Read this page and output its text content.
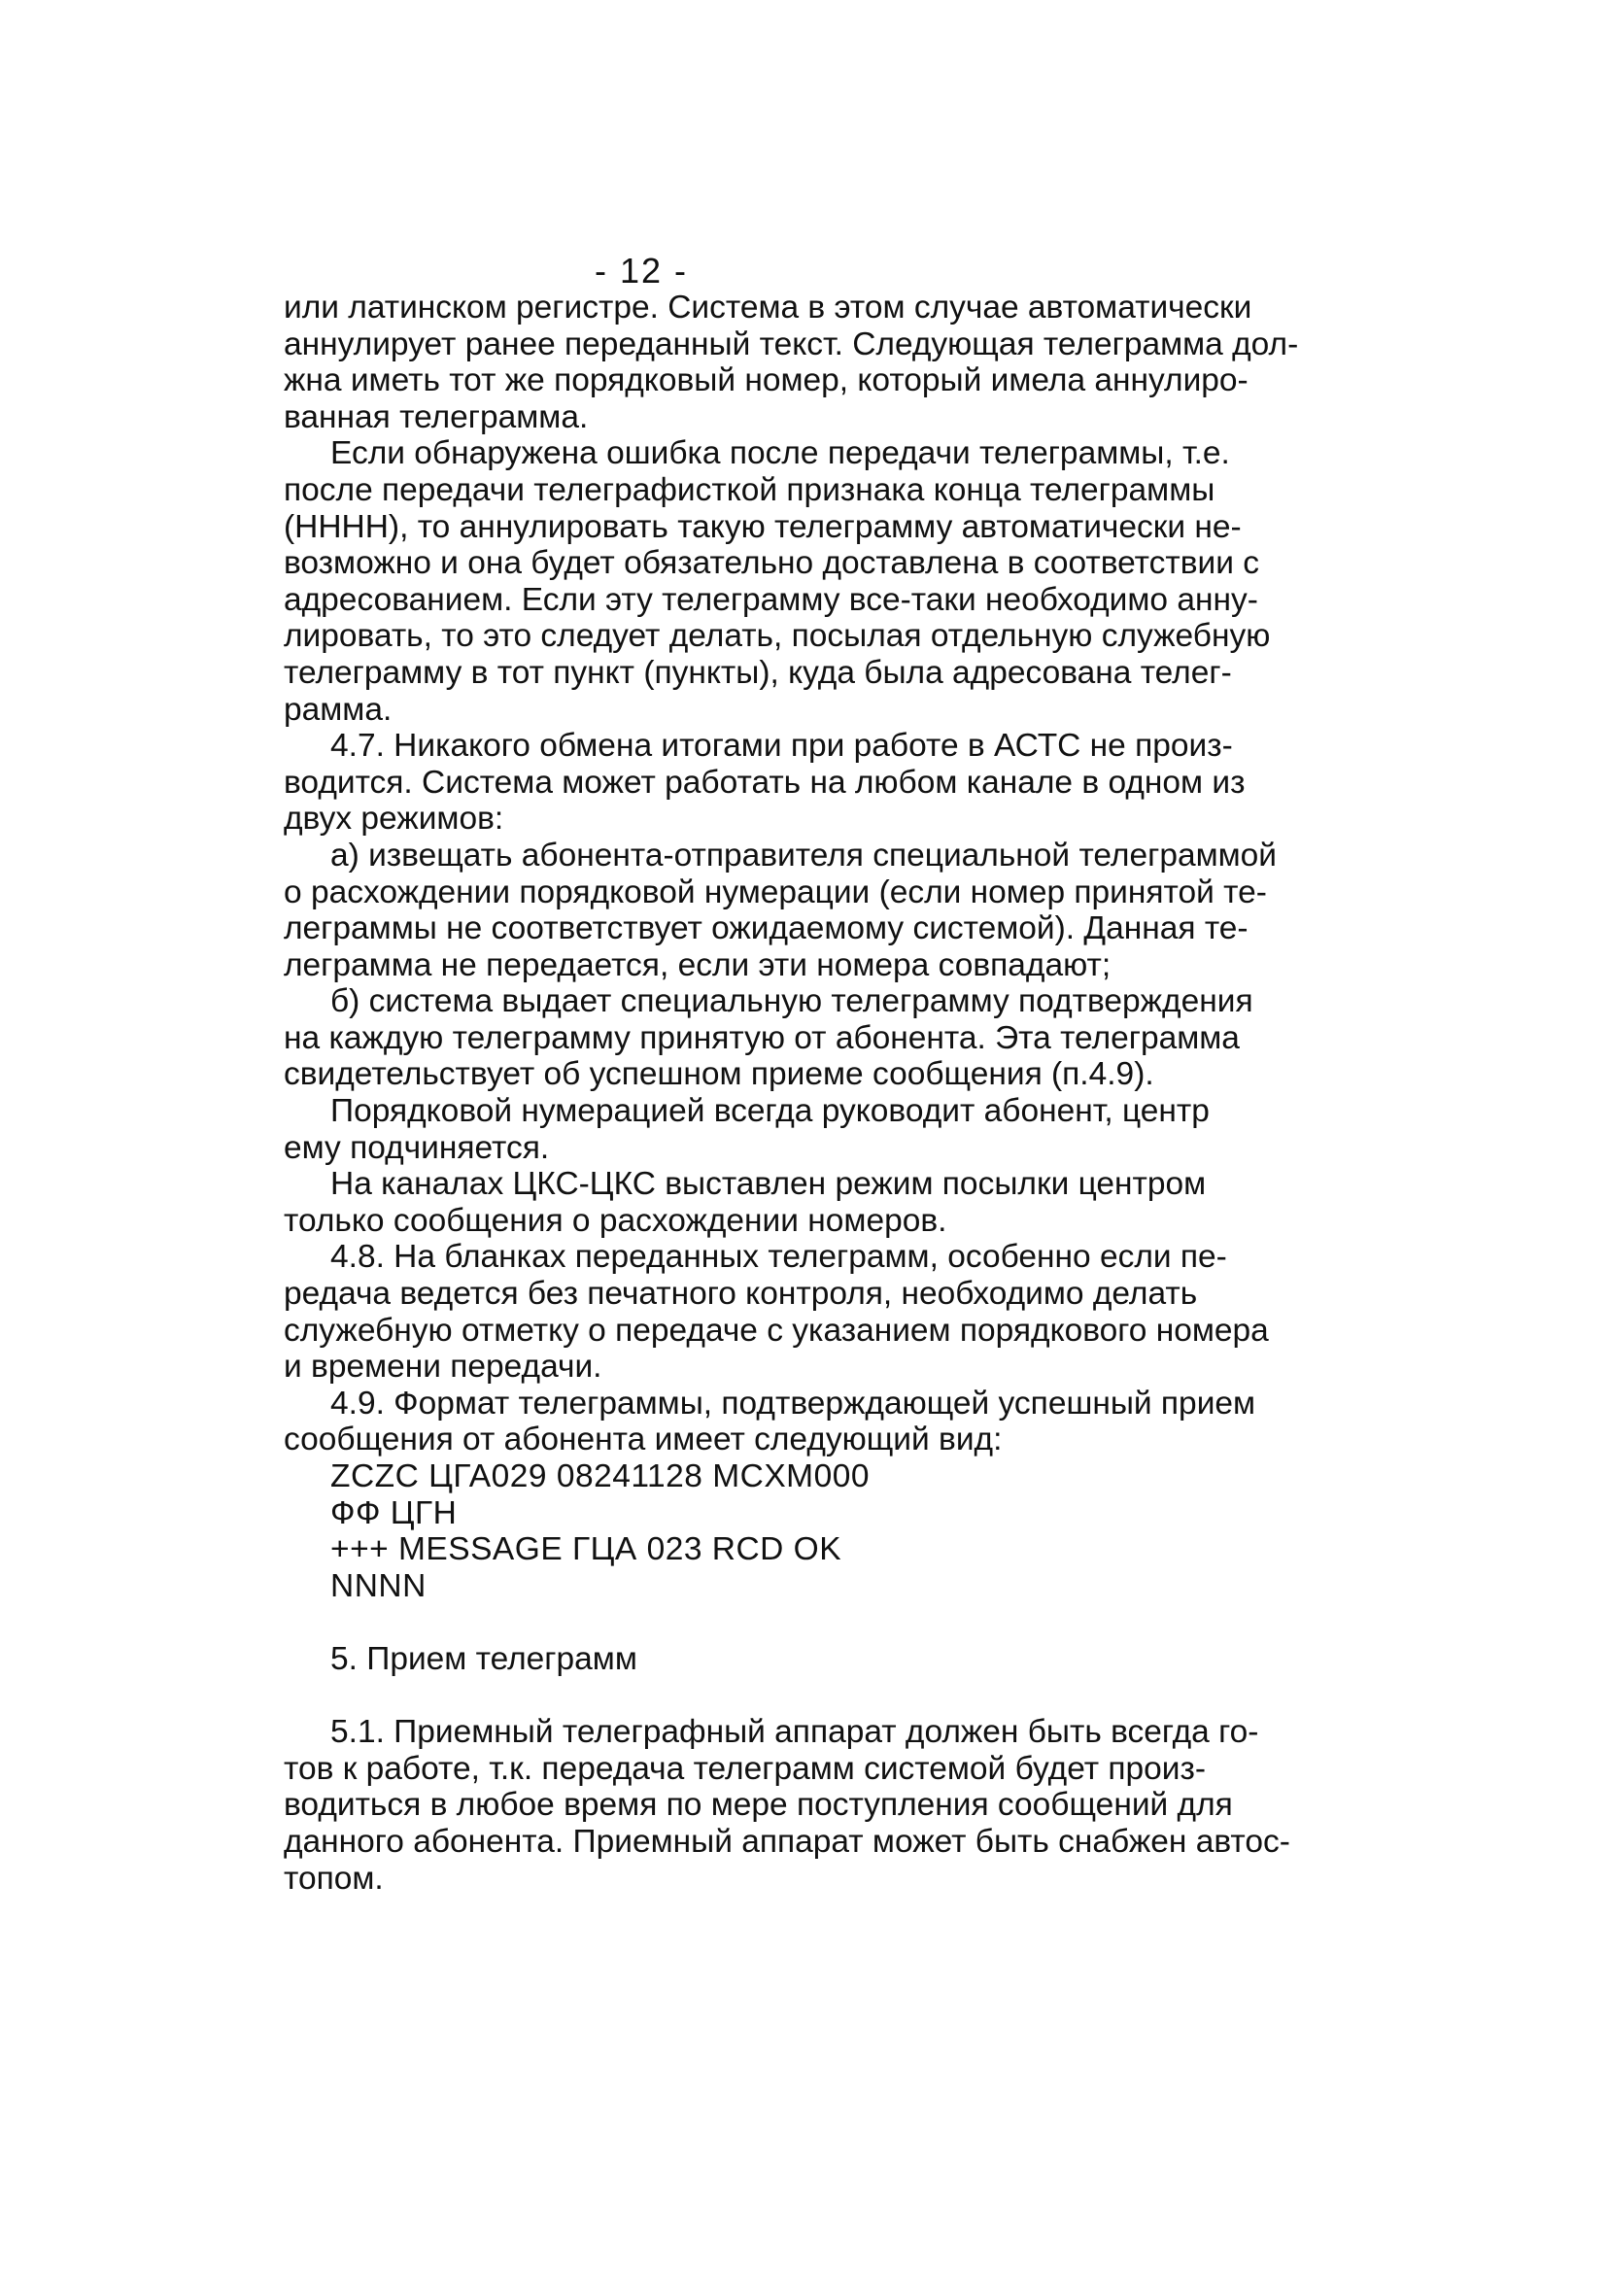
- 12 -
или латинском регистре. Система в этом случае автоматически
аннулирует ранее переданный текст. Следующая телеграмма дол-
жна иметь тот же порядковый номер, который имела аннулиро-
ванная телеграмма.
Если обнаружена ошибка после передачи телеграммы, т.е.
после передачи телеграфисткой признака конца телеграммы
(НННН), то аннулировать такую телеграмму автоматически не-
возможно и она будет обязательно доставлена в соответствии с
адресованием. Если эту телеграмму все-таки необходимо анну-
лировать, то это следует делать, посылая отдельную служебную
телеграмму в тот пункт (пункты), куда была адресована телег-
рамма.
4.7. Никакого обмена итогами при работе в АСТС не произ-
водится. Система может работать на любом канале в одном из
двух режимов:
а) извещать абонента-отправителя специальной телеграммой
о расхождении порядковой нумерации (если номер принятой те-
леграммы не соответствует ожидаемому системой). Данная те-
леграмма не передается, если эти номера совпадают;
б) система выдает специальную телеграмму подтверждения
на каждую телеграмму принятую от абонента. Эта телеграмма
свидетельствует об успешном приеме сообщения (п.4.9).
Порядковой нумерацией всегда руководит абонент, центр
ему подчиняется.
На каналах ЦКС-ЦКС выставлен режим посылки центром
только сообщения о расхождении номеров.
4.8. На бланках переданных телеграмм, особенно если пе-
редача ведется без печатного контроля, необходимо делать
служебную отметку о передаче с указанием порядкового номера
и времени передачи.
4.9. Формат телеграммы, подтверждающей успешный прием
сообщения от абонента имеет следующий вид:
ZCZC ЦГА029 08241128 MCXM000
ФФ ЦГН
+++ MESSAGE ГЦА 023 RCD OK
NNNN
5. Прием телеграмм
5.1. Приемный телеграфный аппарат должен быть всегда го-
тов к работе, т.к. передача телеграмм системой будет произ-
водиться в любое время по мере поступления сообщений для
данного абонента. Приемный аппарат может быть снабжен автос-
топом.
